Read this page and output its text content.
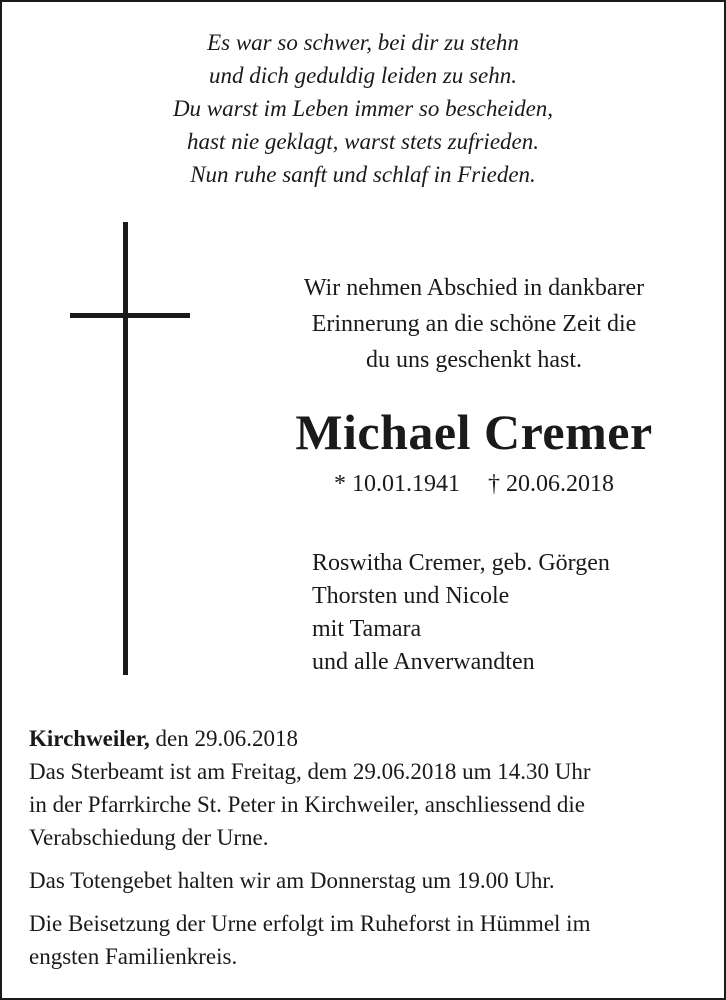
Es war so schwer, bei dir zu stehn
und dich geduldig leiden zu sehn.
Du warst im Leben immer so bescheiden,
hast nie geklagt, warst stets zufrieden.
Nun ruhe sanft und schlaf in Frieden.
Wir nehmen Abschied in dankbarer
Erinnerung an die schöne Zeit die
du uns geschenkt hast.
Michael Cremer
* 10.01.1941 † 20.06.2018
Roswitha Cremer, geb. Görgen
Thorsten und Nicole
mit Tamara
und alle Anverwandten

Kirchweiler, den 29.06.2018

Das Sterbeamt ist am Freitag, dem 29.06.2018 um 14.30 Uhr
in der Pfarrkirche St. Peter in Kirchweiler, anschliessend die
Verabschiedung der Urne.

Das Totengebet halten wir am Donnerstag um 19.00 Uhr.

Die Beisetzung der Urne erfolgt im Ruheforst in Hümmel im
engsten Familienkreis.
